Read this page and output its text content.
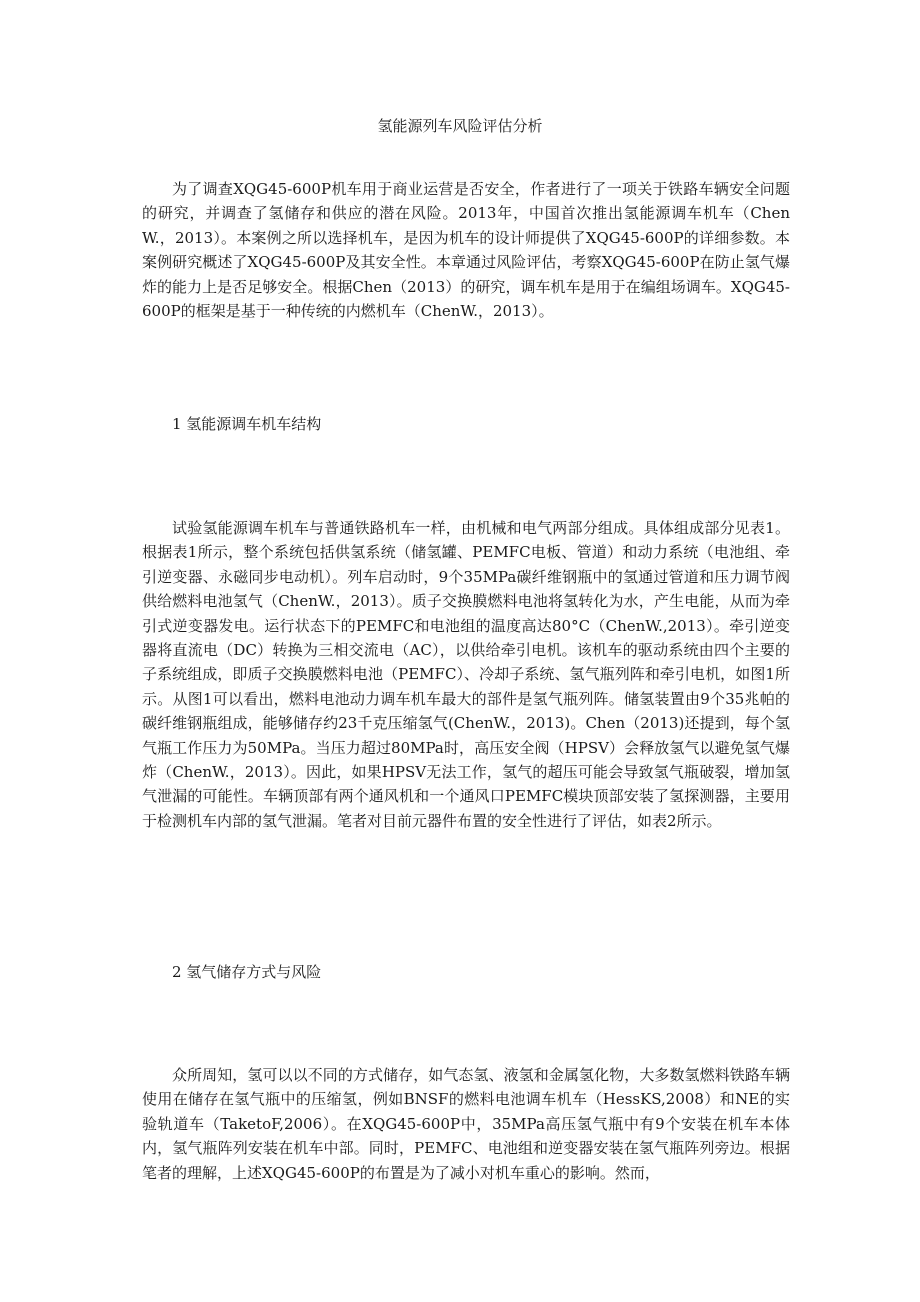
氢能源列车风险评估分析

为了调查XQG45-600P机车用于商业运营是否安全，作者进行了一项关于铁路车辆安全问题的研究，并调查了氢储存和供应的潜在风险。2013年，中国首次推出氢能源调车机车（ChenW.，2013）。本案例之所以选择机车，是因为机车的设计师提供了XQG45-600P的详细参数。本案例研究概述了XQG45-600P及其安全性。本章通过风险评估，考察XQG45-600P在防止氢气爆炸的能力上是否足够安全。根据Chen（2013）的研究，调车机车是用于在编组场调车。XQG45-600P的框架是基于一种传统的内燃机车（ChenW.，2013）。

1 氢能源调车机车结构

试验氢能源调车机车与普通铁路机车一样，由机械和电气两部分组成。具体组成部分见表1。根据表1所示，整个系统包括供氢系统（储氢罐、PEMFC电板、管道）和动力系统（电池组、牵引逆变器、永磁同步电动机）。列车启动时，9个35MPa碳纤维钢瓶中的氢通过管道和压力调节阀供给燃料电池氢气（ChenW.，2013）。质子交换膜燃料电池将氢转化为水，产生电能，从而为牵引式逆变器发电。运行状态下的PEMFC和电池组的温度高达80°C（ChenW.,2013）。牵引逆变器将直流电（DC）转换为三相交流电（AC），以供给牵引电机。该机车的驱动系统由四个主要的子系统组成，即质子交换膜燃料电池（PEMFC）、冷却子系统、氢气瓶列阵和牵引电机，如图1所示。从图1可以看出，燃料电池动力调车机车最大的部件是氢气瓶列阵。储氢装置由9个35兆帕的碳纤维钢瓶组成，能够储存约23千克压缩氢气(ChenW.，2013)。Chen（2013)还提到，每个氢气瓶工作压力为50MPa。当压力超过80MPa时，高压安全阀（HPSV）会释放氢气以避免氢气爆炸（ChenW.，2013）。因此，如果HPSV无法工作，氢气的超压可能会导致氢气瓶破裂，增加氢气泄漏的可能性。车辆顶部有两个通风机和一个通风口PEMFC模块顶部安装了氢探测器，主要用于检测机车内部的氢气泄漏。笔者对目前元器件布置的安全性进行了评估，如表2所示。

2 氢气储存方式与风险

众所周知，氢可以以不同的方式储存，如气态氢、液氢和金属氢化物，大多数氢燃料铁路车辆使用在储存在氢气瓶中的压缩氢，例如BNSF的燃料电池调车机车（HessKS,2008）和NE的实验轨道车（TaketoF,2006）。在XQG45-600P中，35MPa高压氢气瓶中有9个安装在机车本体内，氢气瓶阵列安装在机车中部。同时，PEMFC、电池组和逆变器安装在氢气瓶阵列旁边。根据笔者的理解，上述XQG45-600P的布置是为了减小对机车重心的影响。然而，
